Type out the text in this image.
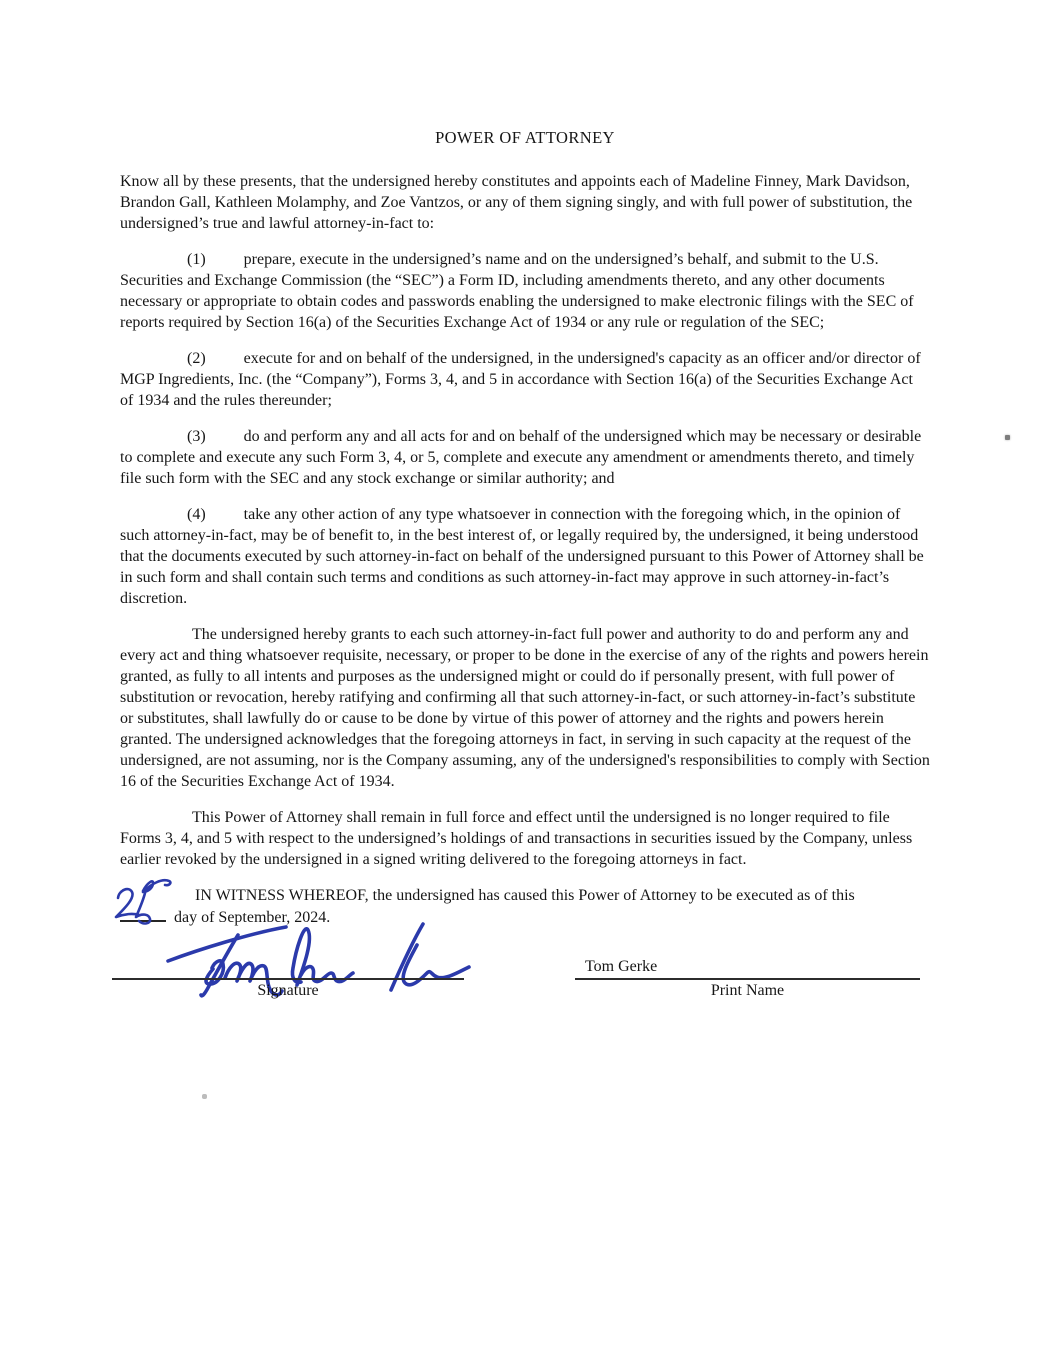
POWER OF ATTORNEY

Know all by these presents, that the undersigned hereby constitutes and appoints each of Madeline Finney, Mark Davidson, Brandon Gall, Kathleen Molamphy, and Zoe Vantzos, or any of them signing singly, and with full power of substitution, the undersigned’s true and lawful attorney-in-fact to:

(1) prepare, execute in the undersigned’s name and on the undersigned’s behalf, and submit to the U.S. Securities and Exchange Commission (the “SEC”) a Form ID, including amendments thereto, and any other documents necessary or appropriate to obtain codes and passwords enabling the undersigned to make electronic filings with the SEC of reports required by Section 16(a) of the Securities Exchange Act of 1934 or any rule or regulation of the SEC;

(2) execute for and on behalf of the undersigned, in the undersigned's capacity as an officer and/or director of MGP Ingredients, Inc. (the “Company”), Forms 3, 4, and 5 in accordance with Section 16(a) of the Securities Exchange Act of 1934 and the rules thereunder;

(3) do and perform any and all acts for and on behalf of the undersigned which may be necessary or desirable to complete and execute any such Form 3, 4, or 5, complete and execute any amendment or amendments thereto, and timely file such form with the SEC and any stock exchange or similar authority; and

(4) take any other action of any type whatsoever in connection with the foregoing which, in the opinion of such attorney-in-fact, may be of benefit to, in the best interest of, or legally required by, the undersigned, it being understood that the documents executed by such attorney-in-fact on behalf of the undersigned pursuant to this Power of Attorney shall be in such form and shall contain such terms and conditions as such attorney-in-fact may approve in such attorney-in-fact’s discretion.

The undersigned hereby grants to each such attorney-in-fact full power and authority to do and perform any and every act and thing whatsoever requisite, necessary, or proper to be done in the exercise of any of the rights and powers herein granted, as fully to all intents and purposes as the undersigned might or could do if personally present, with full power of substitution or revocation, hereby ratifying and confirming all that such attorney-in-fact, or such attorney-in-fact’s substitute or substitutes, shall lawfully do or cause to be done by virtue of this power of attorney and the rights and powers herein granted. The undersigned acknowledges that the foregoing attorneys in fact, in serving in such capacity at the request of the undersigned, are not assuming, nor is the Company assuming, any of the undersigned's responsibilities to comply with Section 16 of the Securities Exchange Act of 1934.

This Power of Attorney shall remain in full force and effect until the undersigned is no longer required to file Forms 3, 4, and 5 with respect to the undersigned’s holdings of and transactions in securities issued by the Company, unless earlier revoked by the undersigned in a signed writing delivered to the foregoing attorneys in fact.

IN WITNESS WHEREOF, the undersigned has caused this Power of Attorney to be executed as of this
day of September, 2024.

Signature
Tom Gerke
Print Name
